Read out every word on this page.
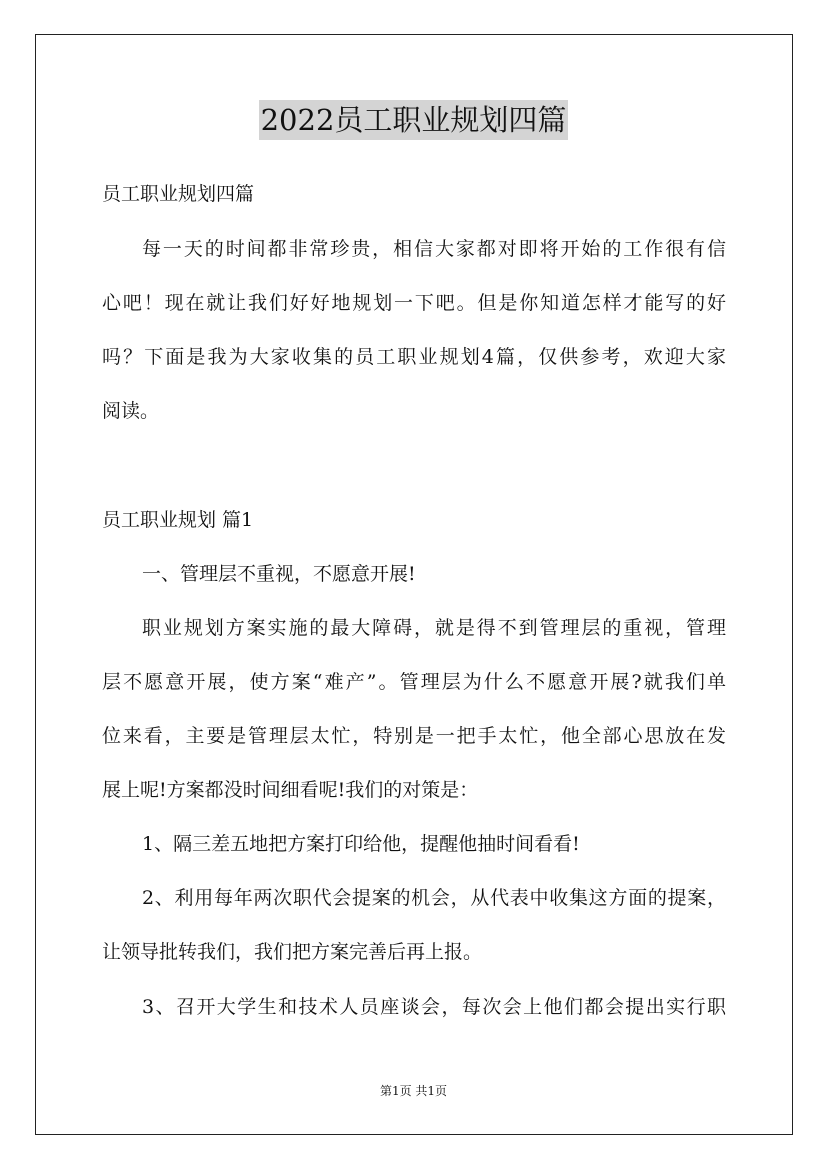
2022员工职业规划四篇
员工职业规划四篇
每一天的时间都非常珍贵，相信大家都对即将开始的工作很有信
心吧！现在就让我们好好地规划一下吧。但是你知道怎样才能写的好
吗？下面是我为大家收集的员工职业规划4篇，仅供参考，欢迎大家
阅读。
员工职业规划 篇1
一、管理层不重视，不愿意开展!
职业规划方案实施的最大障碍，就是得不到管理层的重视，管理
层不愿意开展，使方案“难产”。管理层为什么不愿意开展?就我们单
位来看，主要是管理层太忙，特别是一把手太忙，他全部心思放在发
展上呢!方案都没时间细看呢!我们的对策是：
1、隔三差五地把方案打印给他，提醒他抽时间看看!
2、利用每年两次职代会提案的机会，从代表中收集这方面的提案，
让领导批转我们，我们把方案完善后再上报。
3、召开大学生和技术人员座谈会，每次会上他们都会提出实行职
第1页 共1页
